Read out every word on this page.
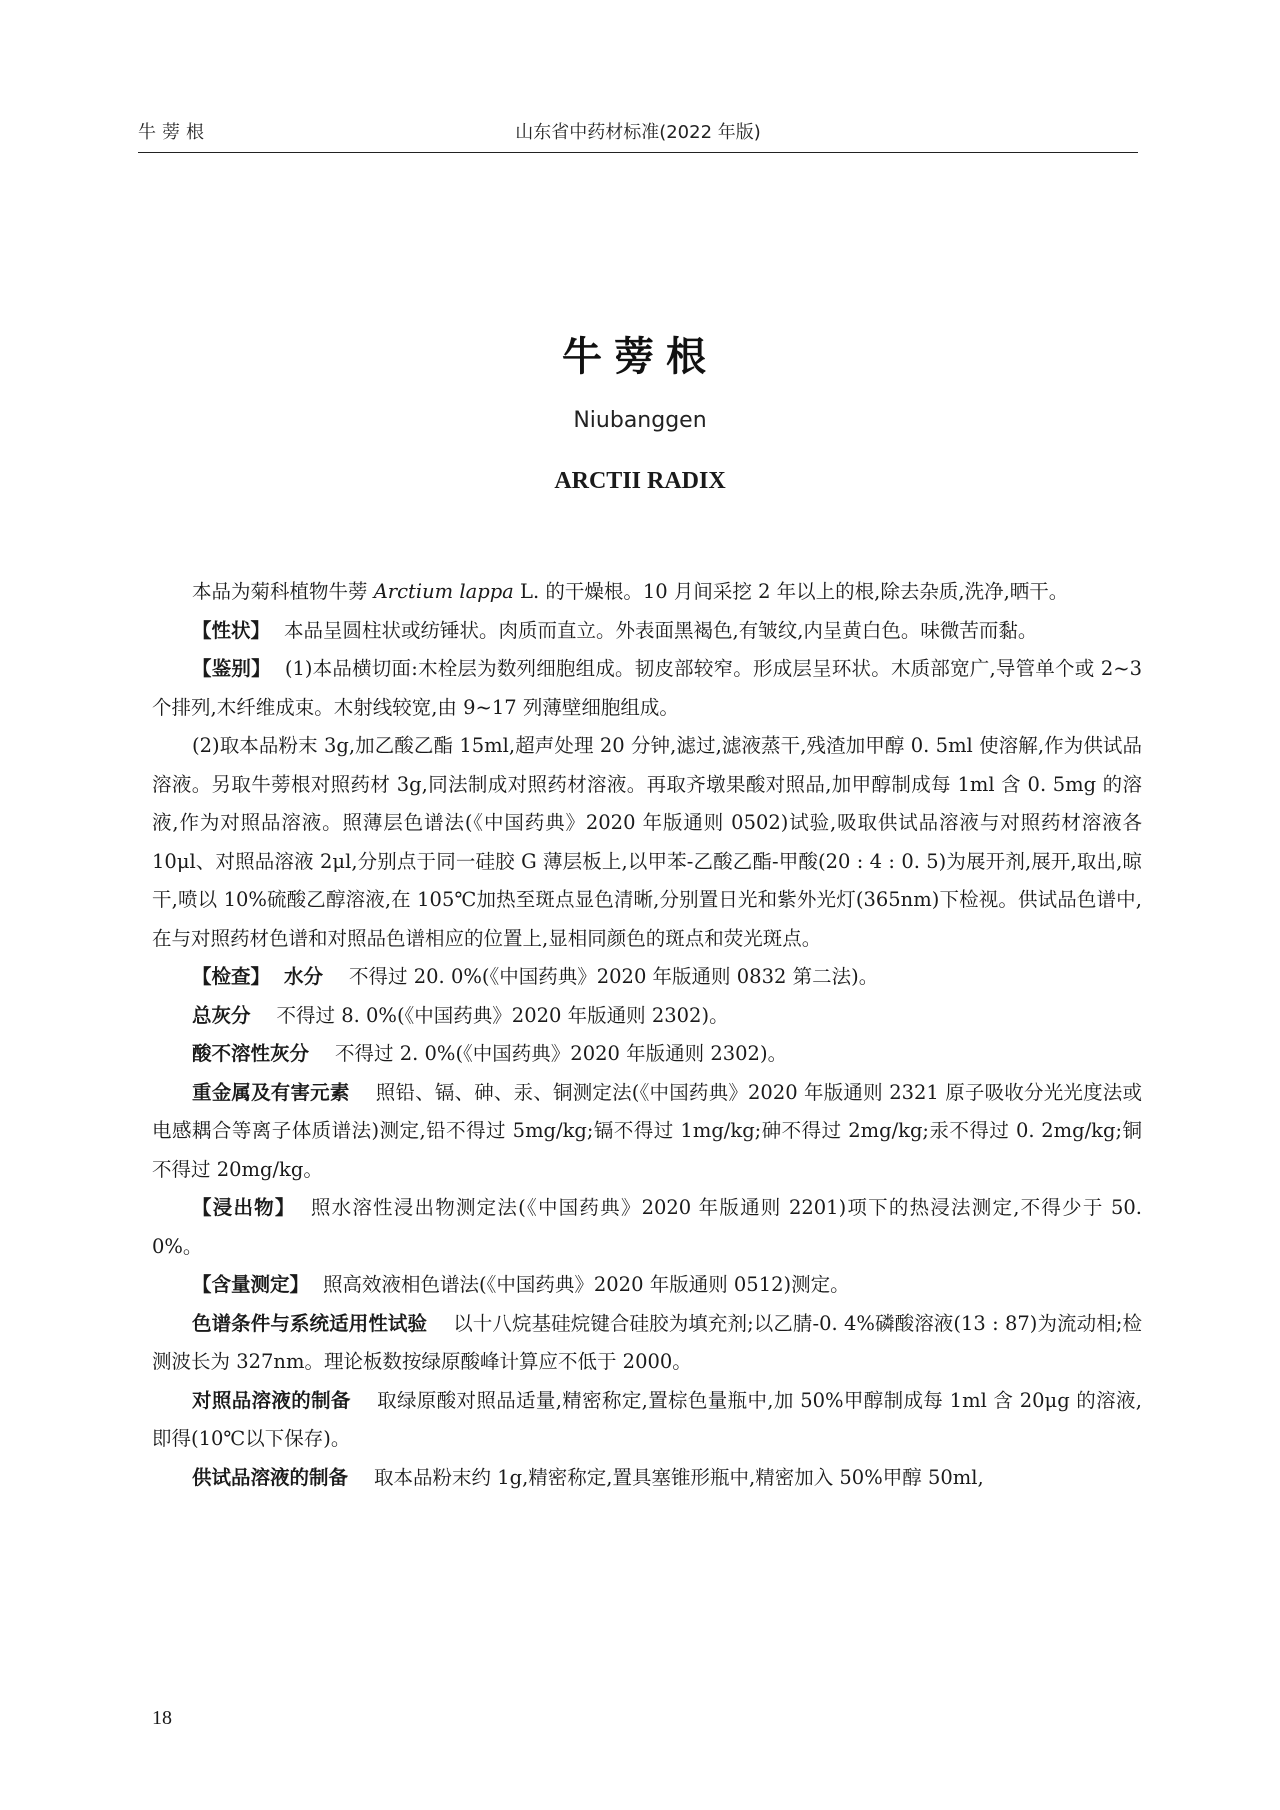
牛蒡根	山东省中药材标准(2022 年版)
牛蒡根
Niubanggen
ARCTII RADIX

本品为菊科植物牛蒡 Arctium lappa L. 的干燥根。10 月间采挖 2 年以上的根,除去杂质,洗净,晒干。

【性状】 本品呈圆柱状或纺锤状。肉质而直立。外表面黑褐色,有皱纹,内呈黄白色。味微苦而黏。

【鉴别】 (1)本品横切面:木栓层为数列细胞组成。韧皮部较窄。形成层呈环状。木质部宽广,导管单个或 2~3 个排列,木纤维成束。木射线较宽,由 9~17 列薄壁细胞组成。

(2)取本品粉末 3g,加乙酸乙酯 15ml,超声处理 20 分钟,滤过,滤液蒸干,残渣加甲醇 0. 5ml 使溶解,作为供试品溶液。另取牛蒡根对照药材 3g,同法制成对照药材溶液。再取齐墩果酸对照品,加甲醇制成每 1ml 含 0. 5mg 的溶液,作为对照品溶液。照薄层色谱法(《中国药典》2020 年版通则 0502)试验,吸取供试品溶液与对照药材溶液各 10μl、对照品溶液 2μl,分别点于同一硅胶 G 薄层板上,以甲苯-乙酸乙酯-甲酸(20 : 4 : 0. 5)为展开剂,展开,取出,晾干,喷以 10%硫酸乙醇溶液,在 105℃加热至斑点显色清晰,分别置日光和紫外光灯(365nm)下检视。供试品色谱中,在与对照药材色谱和对照品色谱相应的位置上,显相同颜色的斑点和荧光斑点。

【检查】 水分 不得过 20. 0%(《中国药典》2020 年版通则 0832 第二法)。

总灰分 不得过 8. 0%(《中国药典》2020 年版通则 2302)。

酸不溶性灰分 不得过 2. 0%(《中国药典》2020 年版通则 2302)。

重金属及有害元素 照铅、镉、砷、汞、铜测定法(《中国药典》2020 年版通则 2321 原子吸收分光光度法或电感耦合等离子体质谱法)测定,铅不得过 5mg/kg;镉不得过 1mg/kg;砷不得过 2mg/kg;汞不得过 0. 2mg/kg;铜不得过 20mg/kg。

【浸出物】 照水溶性浸出物测定法(《中国药典》2020 年版通则 2201)项下的热浸法测定,不得少于 50. 0%。

【含量测定】 照高效液相色谱法(《中国药典》2020 年版通则 0512)测定。

色谱条件与系统适用性试验 以十八烷基硅烷键合硅胶为填充剂;以乙腈-0. 4%磷酸溶液(13 : 87)为流动相;检测波长为 327nm。理论板数按绿原酸峰计算应不低于 2000。

对照品溶液的制备 取绿原酸对照品适量,精密称定,置棕色量瓶中,加 50%甲醇制成每 1ml 含 20μg 的溶液,即得(10℃以下保存)。

供试品溶液的制备 取本品粉末约 1g,精密称定,置具塞锥形瓶中,精密加入 50%甲醇 50ml,

18
